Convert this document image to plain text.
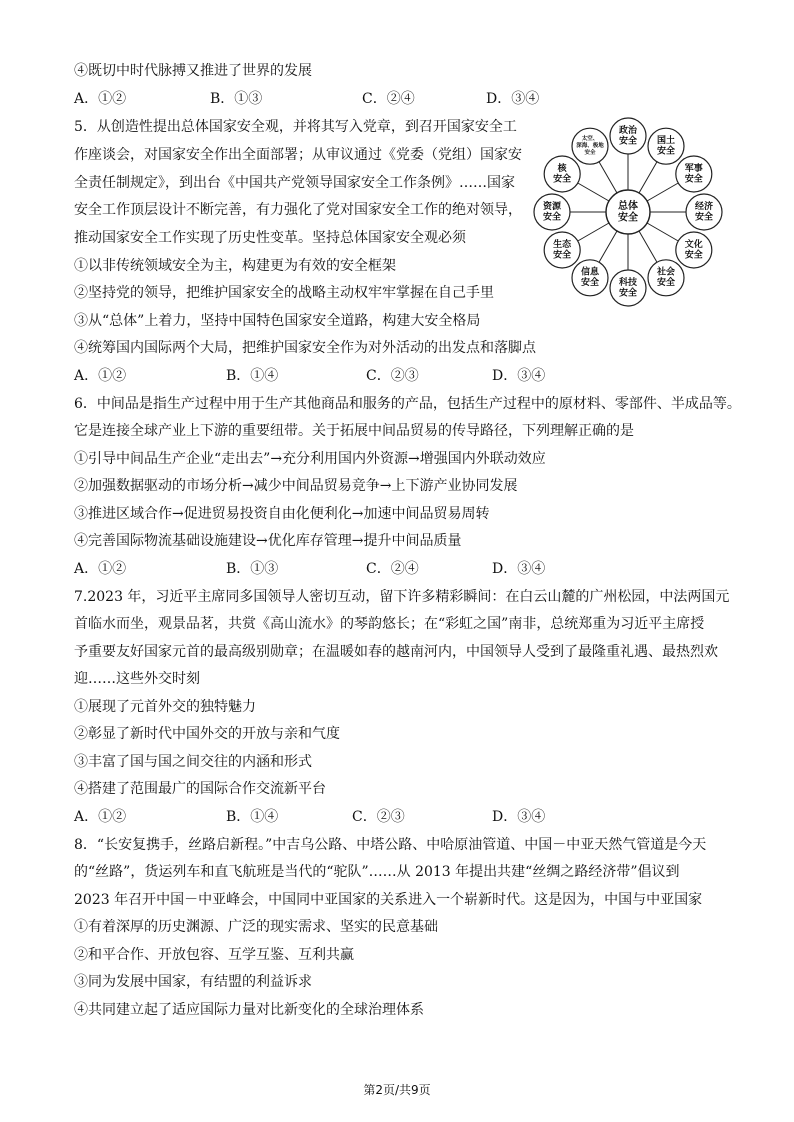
④既切中时代脉搏又推进了世界的发展
A．①②	B．①③	C．②④	D．③④
5．从创造性提出总体国家安全观，并将其写入党章，到召开国家安全工
作座谈会，对国家安全作出全面部署；从审议通过《党委（党组）国家安
全责任制规定》，到出台《中国共产党领导国家安全工作条例》……国家
安全工作顶层设计不断完善，有力强化了党对国家安全工作的绝对领导，
推动国家安全工作实现了历史性变革。坚持总体国家安全观必须
①以非传统领域安全为主，构建更为有效的安全框架
②坚持党的领导，把维护国家安全的战略主动权牢牢掌握在自己手里
③从“总体”上着力，坚持中国特色国家安全道路，构建大安全格局
④统筹国内国际两个大局，把维护国家安全作为对外活动的出发点和落脚点
A．①②	B．①④	C．②③	D．③④
6．中间品是指生产过程中用于生产其他商品和服务的产品，包括生产过程中的原材料、零部件、半成品等。
它是连接全球产业上下游的重要纽带。关于拓展中间品贸易的传导路径，下列理解正确的是
①引导中间品生产企业“走出去”→充分利用国内外资源→增强国内外联动效应
②加强数据驱动的市场分析→减少中间品贸易竞争→上下游产业协同发展
③推进区域合作→促进贸易投资自由化便利化→加速中间品贸易周转
④完善国际物流基础设施建设→优化库存管理→提升中间品质量
A．①②	B．①③	C．②④	D．③④
7.2023 年，习近平主席同多国领导人密切互动，留下许多精彩瞬间：在白云山麓的广州松园，中法两国元
首临水而坐，观景品茗，共赏《高山流水》的琴韵悠长；在“彩虹之国”南非，总统郑重为习近平主席授
予重要友好国家元首的最高级别勋章；在温暖如春的越南河内，中国领导人受到了最隆重礼遇、最热烈欢
迎……这些外交时刻
①展现了元首外交的独特魅力
②彰显了新时代中国外交的开放与亲和气度
③丰富了国与国之间交往的内涵和形式
④搭建了范围最广的国际合作交流新平台
A．①②	B．①④	C．②③	D．③④
8．“长安复携手，丝路启新程。”中吉乌公路、中塔公路、中哈原油管道、中国－中亚天然气管道是今天
的“丝路”，货运列车和直飞航班是当代的“驼队”……从 2013 年提出共建“丝绸之路经济带”倡议到
2023 年召开中国－中亚峰会，中国同中亚国家的关系进入一个崭新时代。这是因为，中国与中亚国家
①有着深厚的历史渊源、广泛的现实需求、坚实的民意基础
②和平合作、开放包容、互学互鉴、互利共赢
③同为发展中国家，有结盟的利益诉求
④共同建立起了适应国际力量对比新变化的全球治理体系
政治
安全 国土
安全
军事
安全
经济
安全
文化
安全
社会
安全
科技
安全
信息
安全
生态
安全
资源
安全
核
安全
太空、
深海、极地
安全
总体
安全
第2页/共9页
